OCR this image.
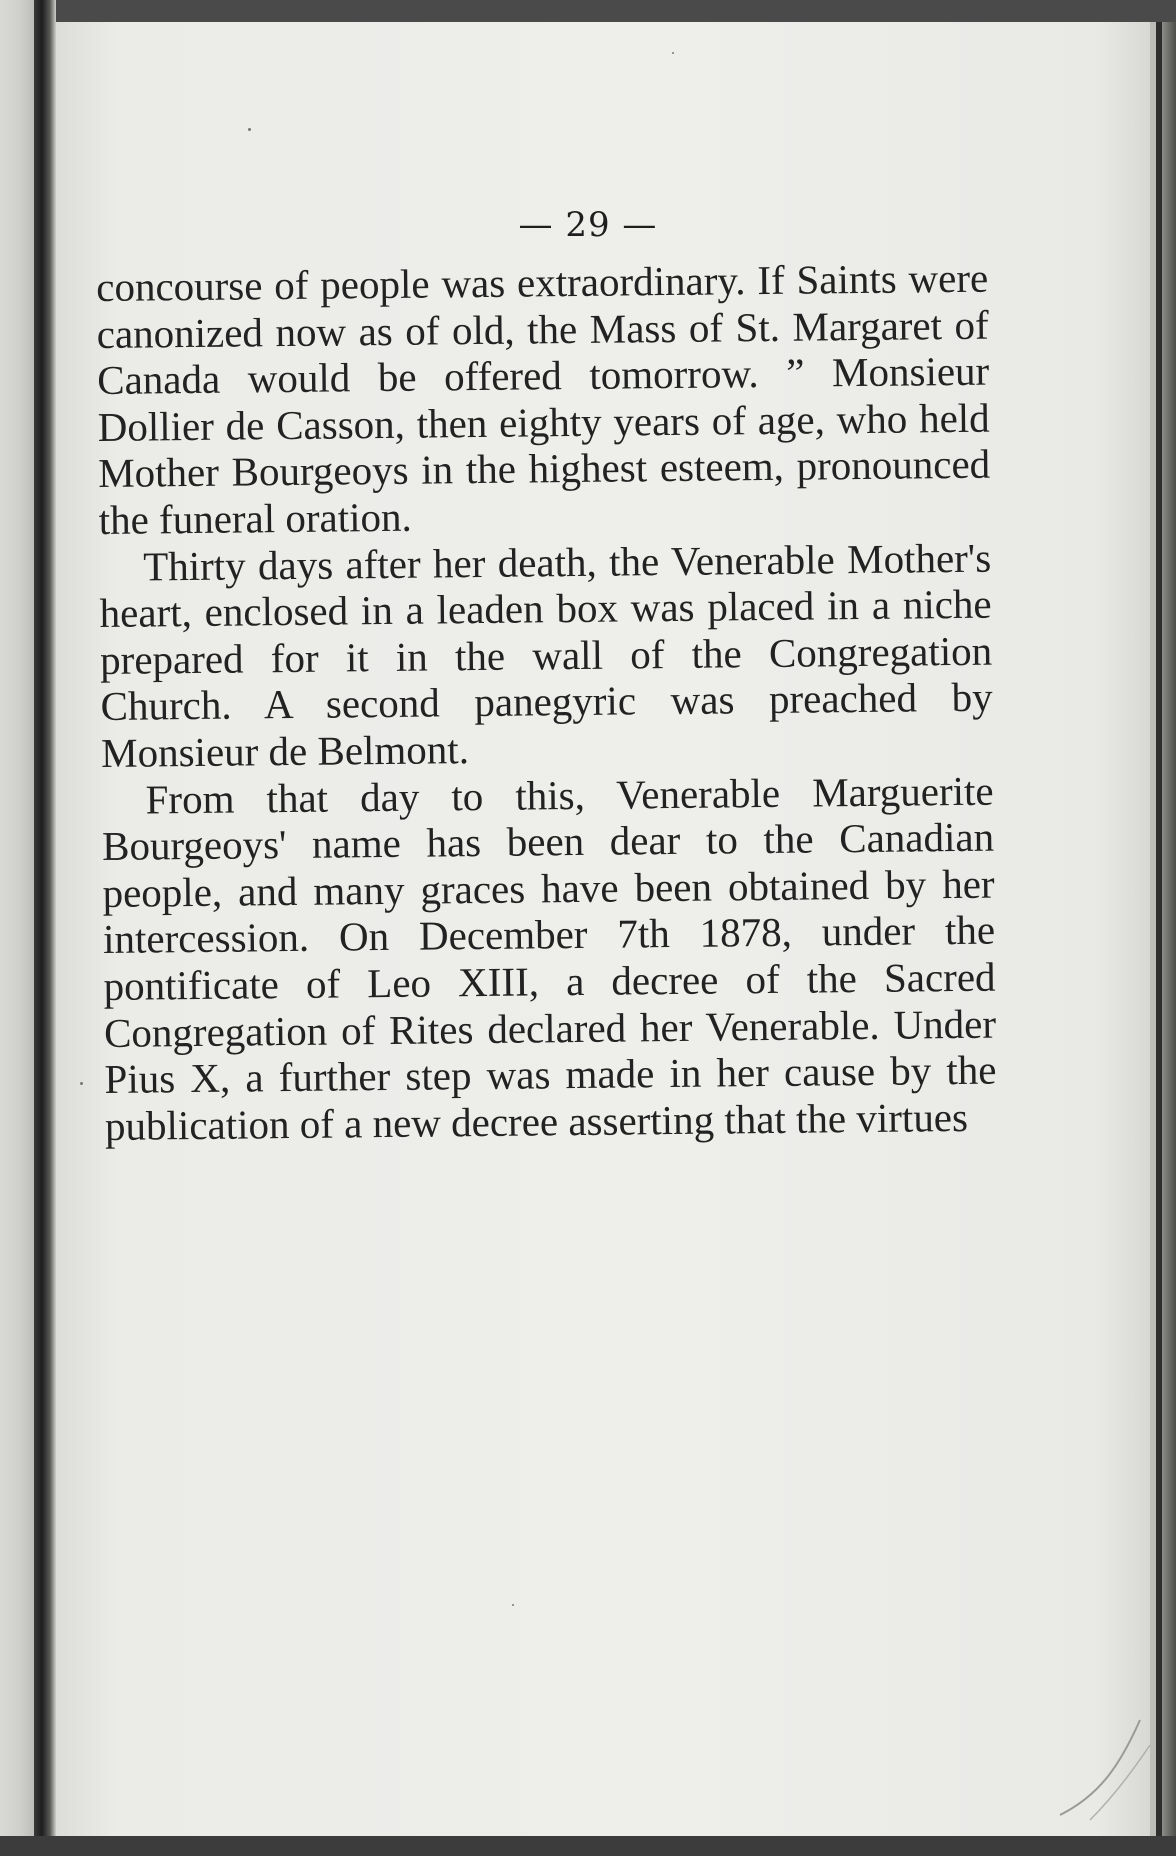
— 29 —

concourse of people was extraordinary. If Saints were canonized now as of old, the Mass of St. Margaret of Canada would be offered tomorrow. ” Monsieur Dollier de Casson, then eighty years of age, who held Mother Bourgeoys in the highest esteem, pronounced the funeral oration.

Thirty days after her death, the Venerable Mother's heart, enclosed in a leaden box was placed in a niche prepared for it in the wall of the Congregation Church. A second panegyric was preached by Monsieur de Belmont.

From that day to this, Venerable Marguerite Bourgeoys' name has been dear to the Canadian people, and many graces have been obtained by her intercession. On December 7th 1878, under the pontificate of Leo XIII, a decree of the Sacred Congregation of Rites declared her Venerable. Under Pius X, a further step was made in her cause by the publication of a new decree asserting that the virtues
